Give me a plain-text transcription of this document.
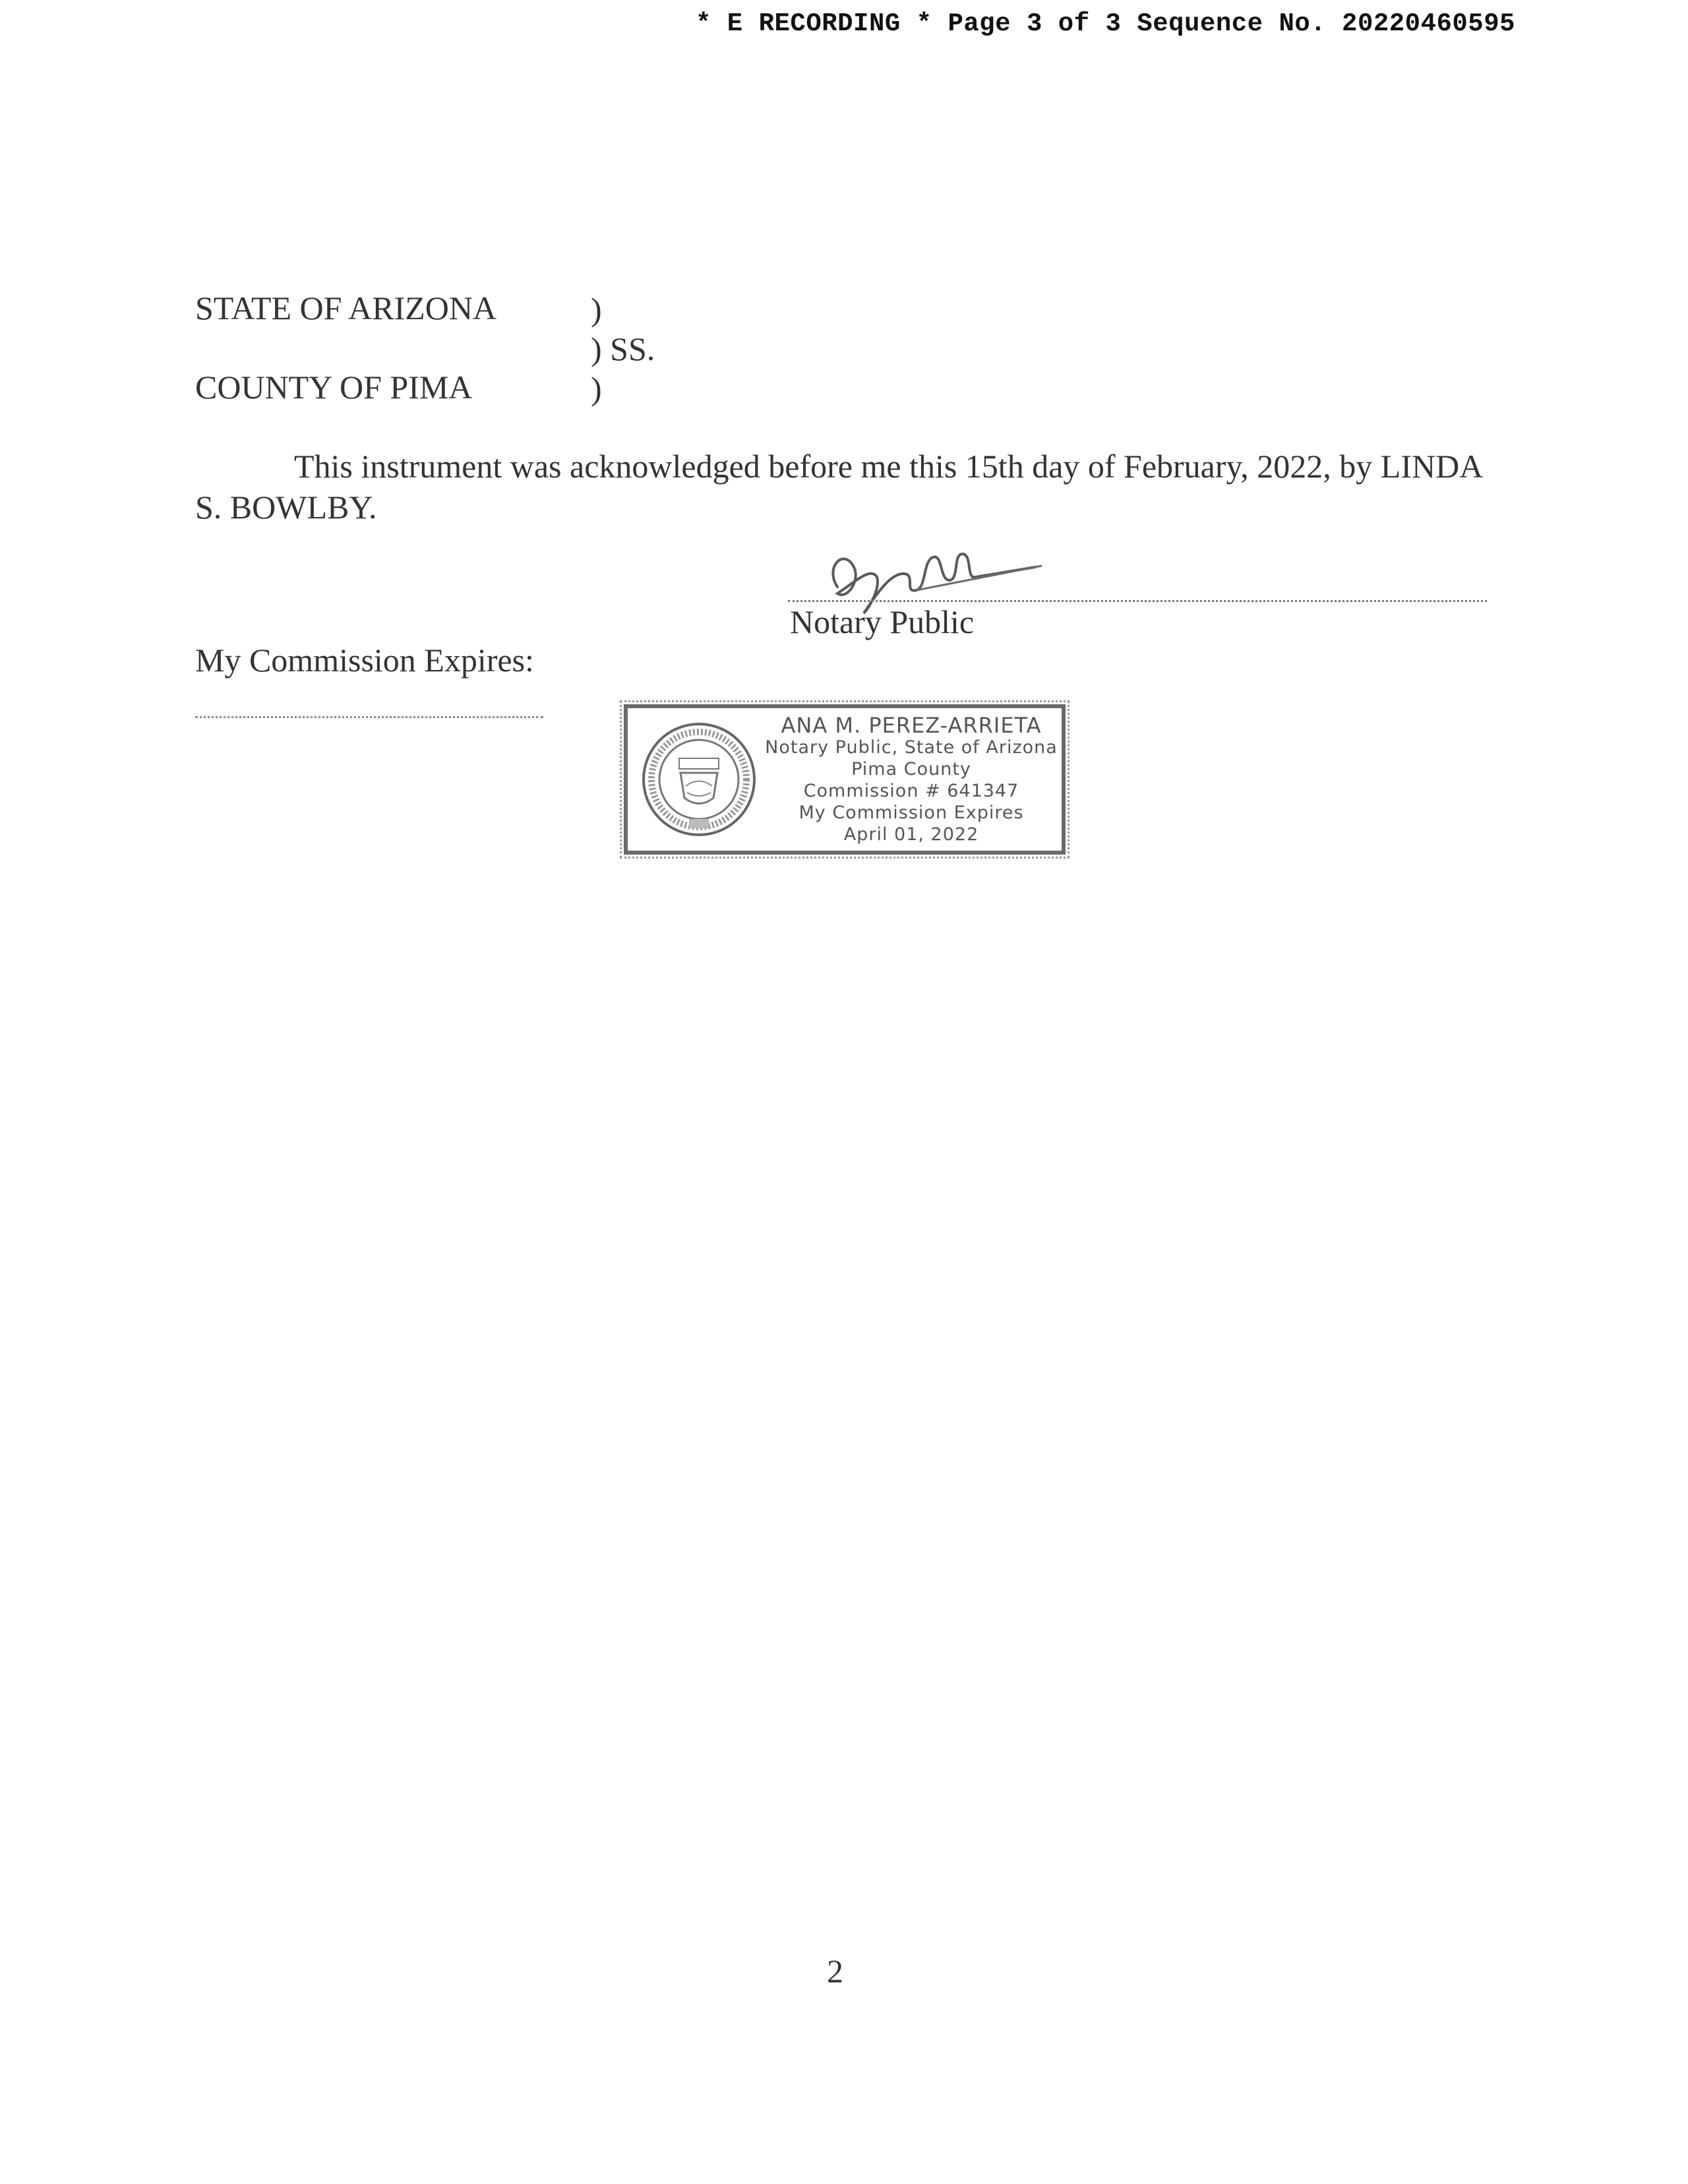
* E RECORDING * Page 3 of 3 Sequence No. 20220460595
STATE OF ARIZONA
COUNTY OF PIMA
)
) SS.
)
This instrument was acknowledged before me this 15th day of February, 2022, by LINDA S. BOWLBY.
Notary Public
My Commission Expires:
ANA M. PEREZ-ARRIETA
Notary Public, State of Arizona
Pima County
Commission # 641347
My Commission Expires
April 01, 2022
2
